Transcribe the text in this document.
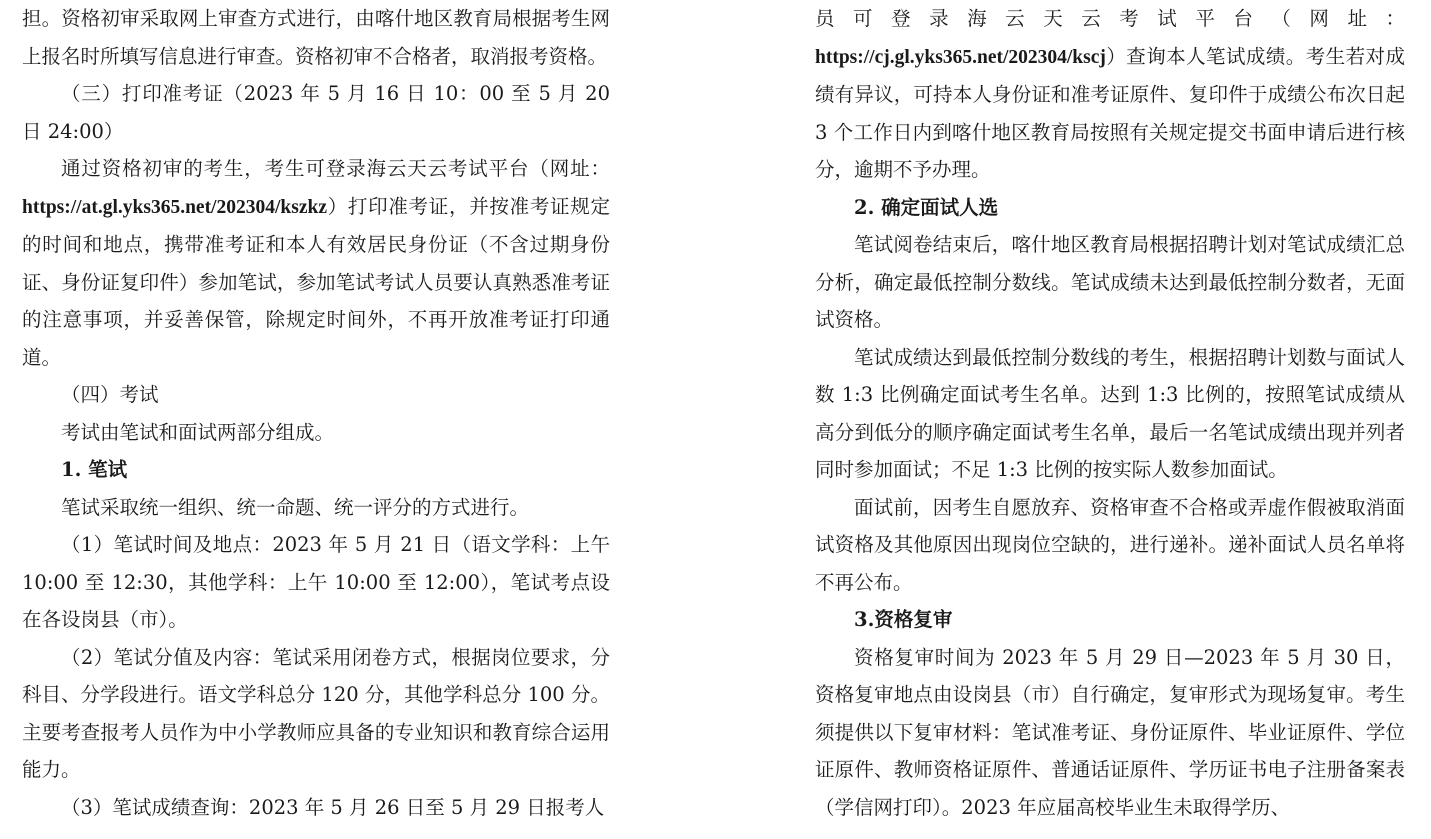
担。资格初审采取网上审查方式进行，由喀什地区教育局根据考生网上报名时所填写信息进行审查。资格初审不合格者，取消报考资格。

（三）打印准考证（2023 年 5 月 16 日 10：00 至 5 月 20 日 24:00）

通过资格初审的考生，考生可登录海云天云考试平台（网址：https://at.gl.yks365.net/202304/kszkz）打印准考证，并按准考证规定的时间和地点，携带准考证和本人有效居民身份证（不含过期身份证、身份证复印件）参加笔试，参加笔试考试人员要认真熟悉准考证的注意事项，并妥善保管，除规定时间外，不再开放准考证打印通道。

（四）考试

考试由笔试和面试两部分组成。

1. 笔试

笔试采取统一组织、统一命题、统一评分的方式进行。

（1）笔试时间及地点：2023 年 5 月 21 日（语文学科：上午 10:00 至 12:30，其他学科：上午 10:00 至 12:00），笔试考点设在各设岗县（市）。

（2）笔试分值及内容：笔试采用闭卷方式，根据岗位要求，分科目、分学段进行。语文学科总分 120 分，其他学科总分 100 分。主要考查报考人员作为中小学教师应具备的专业知识和教育综合运用能力。

（3）笔试成绩查询：2023 年 5 月 26 日至 5 月 29 日报考人

员可登录海云天云考试平台（网址：https://cj.gl.yks365.net/202304/kscj）查询本人笔试成绩。考生若对成绩有异议，可持本人身份证和准考证原件、复印件于成绩公布次日起 3 个工作日内到喀什地区教育局按照有关规定提交书面申请后进行核分，逾期不予办理。

2. 确定面试人选

笔试阅卷结束后，喀什地区教育局根据招聘计划对笔试成绩汇总分析，确定最低控制分数线。笔试成绩未达到最低控制分数者，无面试资格。

笔试成绩达到最低控制分数线的考生，根据招聘计划数与面试人数 1:3 比例确定面试考生名单。达到 1:3 比例的，按照笔试成绩从高分到低分的顺序确定面试考生名单，最后一名笔试成绩出现并列者同时参加面试；不足 1:3 比例的按实际人数参加面试。

面试前，因考生自愿放弃、资格审查不合格或弄虚作假被取消面试资格及其他原因出现岗位空缺的，进行递补。递补面试人员名单将不再公布。

3.资格复审

资格复审时间为 2023 年 5 月 29 日—2023 年 5 月 30 日，资格复审地点由设岗县（市）自行确定，复审形式为现场复审。考生须提供以下复审材料：笔试准考证、身份证原件、毕业证原件、学位证原件、教师资格证原件、普通话证原件、学历证书电子注册备案表（学信网打印）。2023 年应届高校毕业生未取得学历、
